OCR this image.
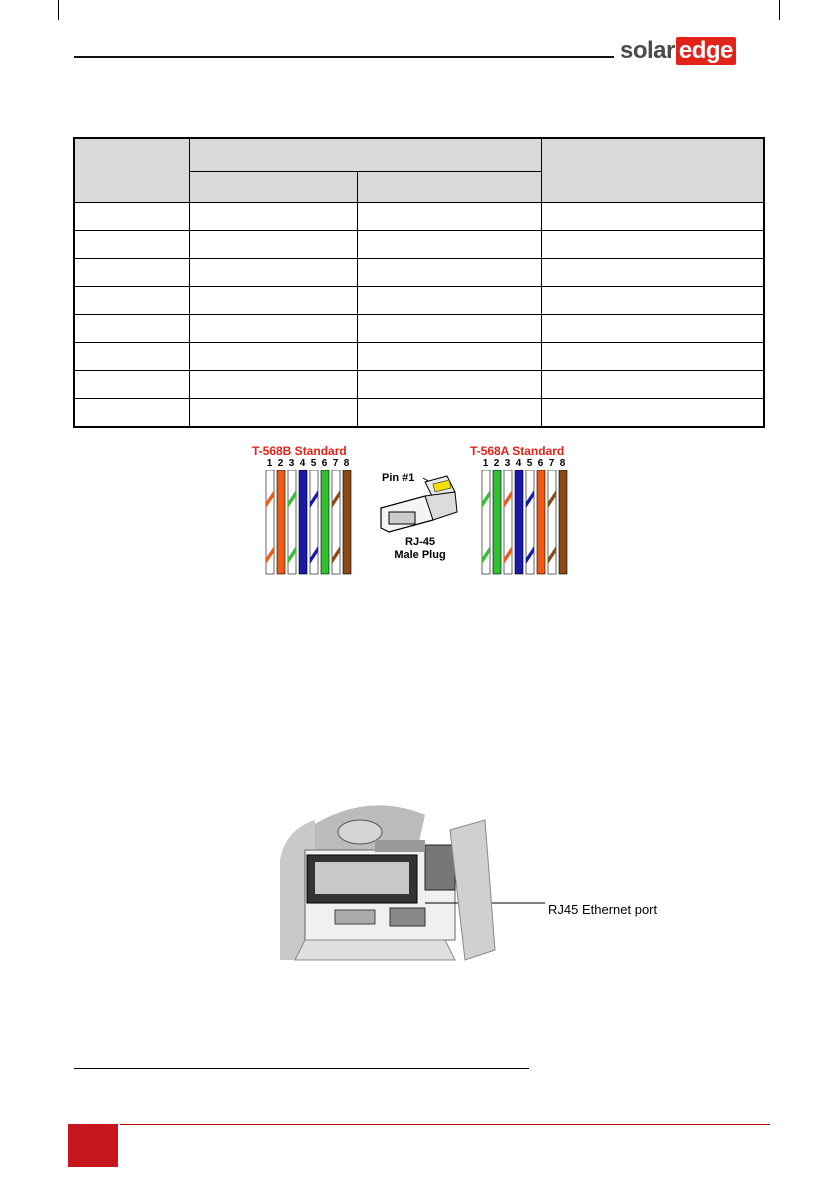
solar edge

T-568B Standard
1 2 3 4 5 6 7 8
T-568A Standard
1 2 3 4 5 6 7 8
Pin #1
RJ-45
Male Plug
RJ45 Ethernet port
